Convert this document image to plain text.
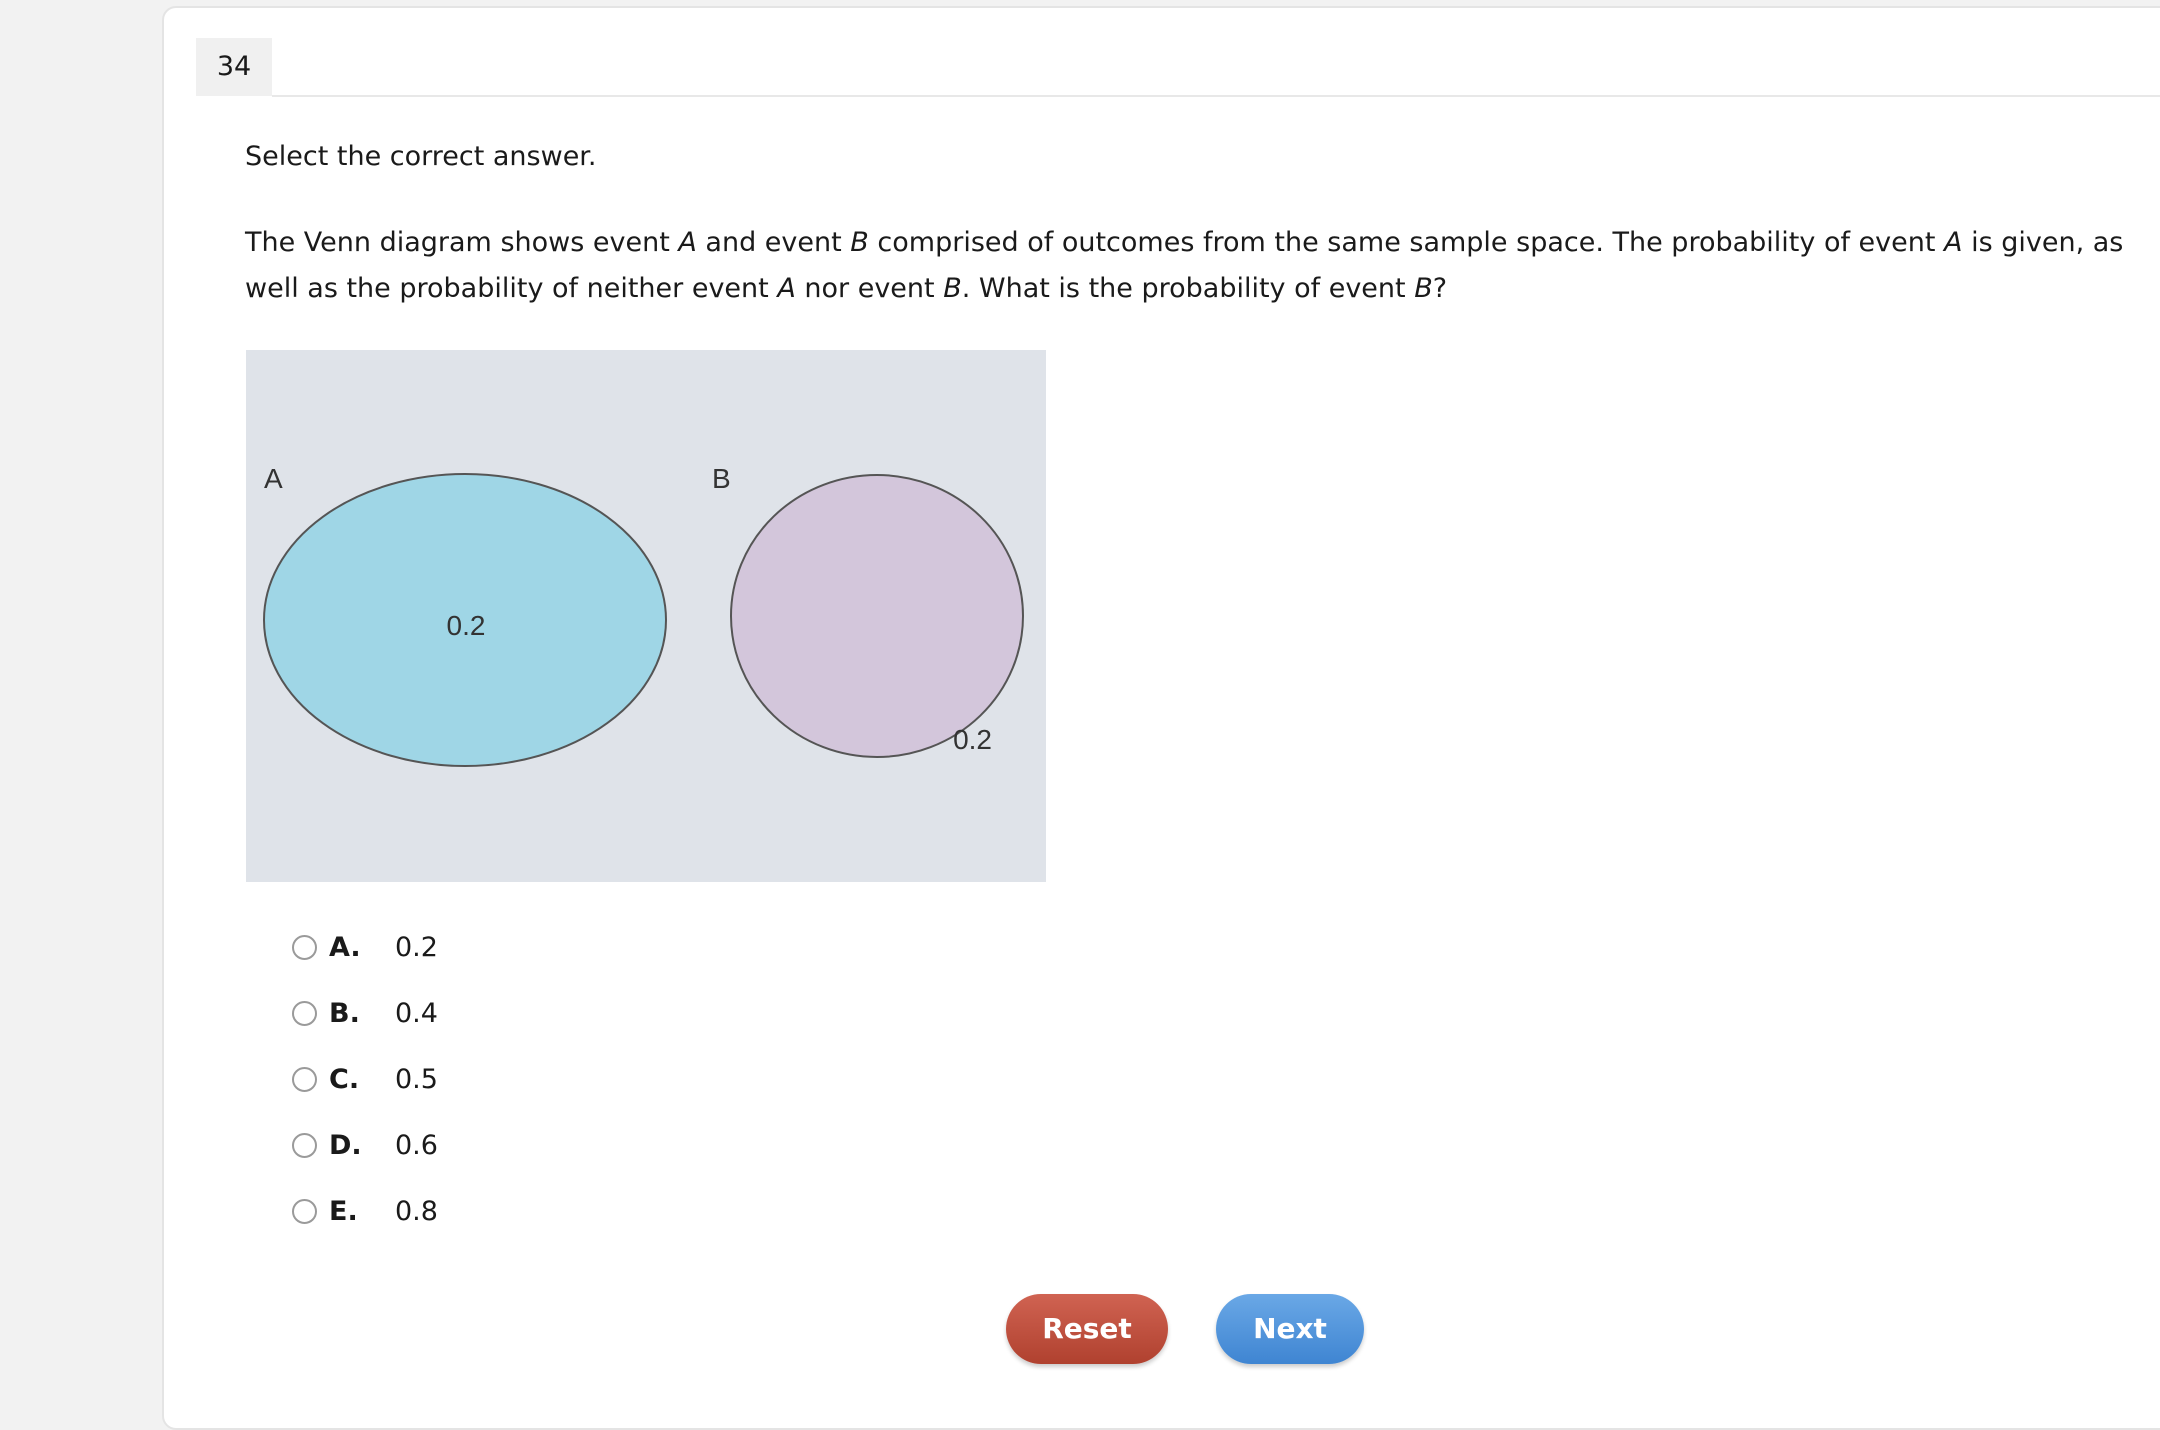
34
Select the correct answer.
The Venn diagram shows event A and event B comprised of outcomes from the same sample space. The probability of event A is given, as well as the probability of neither event A nor event B. What is the probability of event B?
A	B
0.2
0.2
A.	0.2
B.	0.4
C.	0.5
D.	0.6
E.	0.8
Reset	Next
